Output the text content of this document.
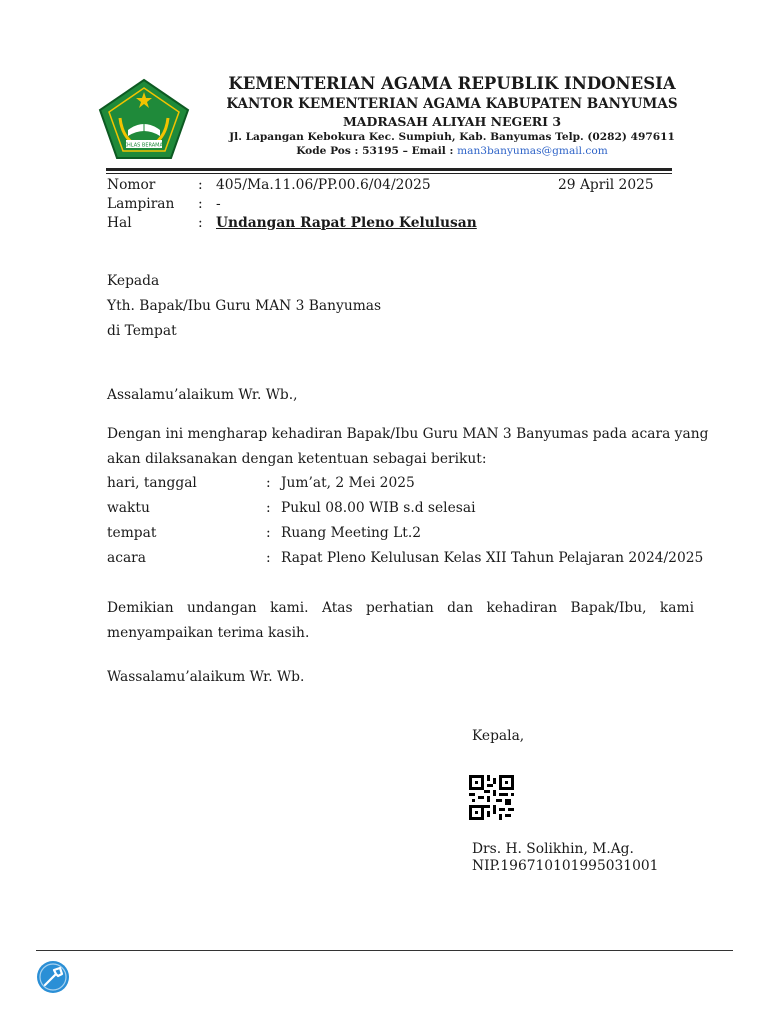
IKHLAS BERAMAL
KEMENTERIAN AGAMA REPUBLIK INDONESIA
KANTOR KEMENTERIAN AGAMA KABUPATEN BANYUMAS
MADRASAH ALIYAH NEGERI 3
Jl. Lapangan Kebokura Kec. Sumpiuh, Kab. Banyumas Telp. (0282) 497611
Kode Pos : 53195 – Email : man3banyumas@gmail.com
Nomor	: 405/Ma.11.06/PP.00.6/04/2025	29 April 2025
Lampiran : -
Hal	: Undangan Rapat Pleno Kelulusan
Kepada
Yth. Bapak/Ibu Guru MAN 3 Banyumas
di Tempat
Assalamu’alaikum Wr. Wb.,
Dengan ini mengharap kehadiran Bapak/Ibu Guru MAN 3 Banyumas pada acara yang
akan dilaksanakan dengan ketentuan sebagai berikut:
hari, tanggal	: Jum’at, 2 Mei 2025
waktu	: Pukul 08.00 WIB s.d selesai
tempat	: Ruang Meeting Lt.2
acara	: Rapat Pleno Kelulusan Kelas XII Tahun Pelajaran 2024/2025
Demikian undangan kami. Atas perhatian dan kehadiran Bapak/Ibu, kami
menyampaikan terima kasih.
Wassalamu’alaikum Wr. Wb.
Kepala,
Drs. H. Solikhin, M.Ag.
NIP.196710101995031001
